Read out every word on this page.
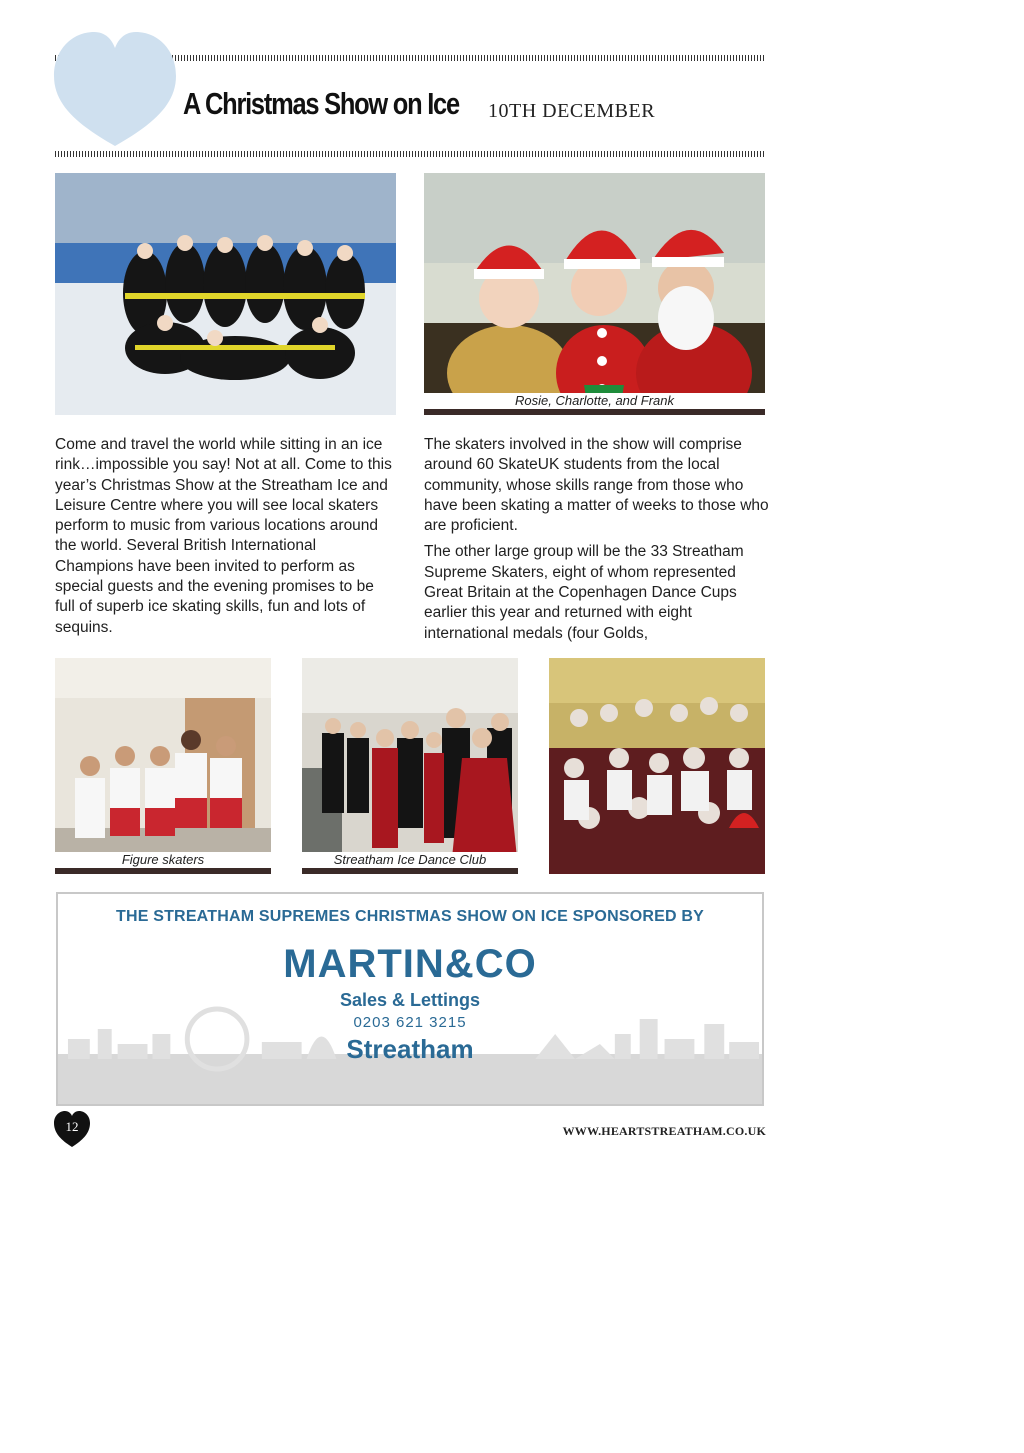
A Christmas Show on Ice 10TH DECEMBER
Rosie, Charlotte, and Frank

Come and travel the world while sitting in an ice rink…impossible you say! Not at all. Come to this year’s Christmas Show at the Streatham Ice and Leisure Centre where you will see local skaters perform to music from various locations around the world. Several British International Champions have been invited to perform as special guests and the evening promises to be full of superb ice skating skills, fun and lots of sequins.

The skaters involved in the show will comprise around 60 SkateUK students from the local community, whose skills range from those who have been skating a matter of weeks to those who are proficient.

The other large group will be the 33 Streatham Supreme Skaters, eight of whom represented Great Britain at the Copenhagen Dance Cups earlier this year and returned with eight international medals (four Golds,

Figure skaters	Streatham Ice Dance Club
THE STREATHAM SUPREMES CHRISTMAS SHOW ON ICE SPONSORED BY
MARTIN&CO
Sales & Lettings
0203 621 3215
Streatham
12	WWW.HEARTSTREATHAM.CO.UK
